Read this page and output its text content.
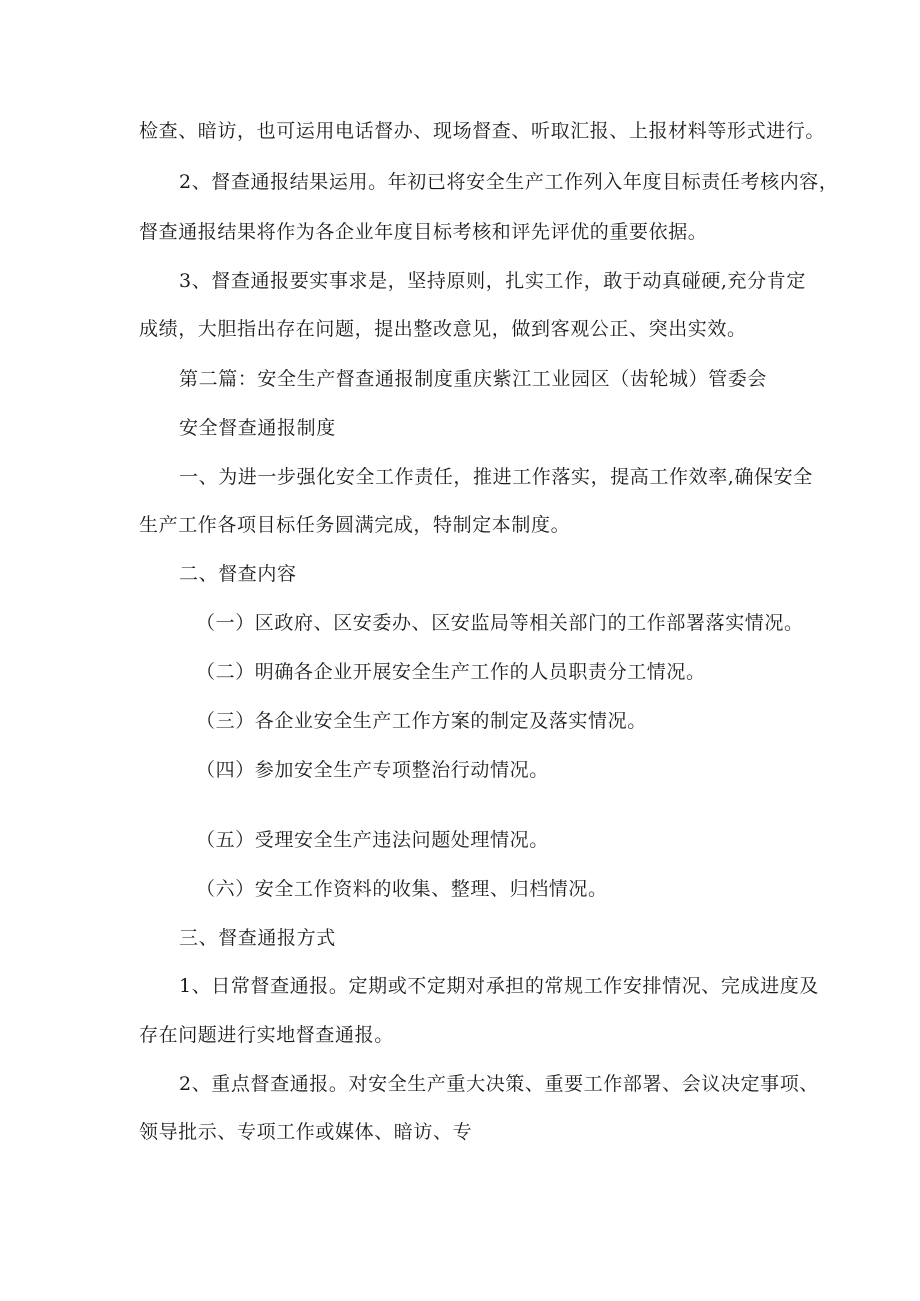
检查、暗访，也可运用电话督办、现场督查、听取汇报、上报材料等形式进行。
2、督查通报结果运用。年初已将安全生产工作列入年度目标责任考核内容，
督查通报结果将作为各企业年度目标考核和评先评优的重要依据。
3、督查通报要实事求是，坚持原则，扎实工作，敢于动真碰硬,充分肯定
成绩，大胆指出存在问题，提出整改意见，做到客观公正、突出实效。
第二篇：安全生产督查通报制度重庆紫江工业园区（齿轮城）管委会
安全督查通报制度
一、为进一步强化安全工作责任，推进工作落实，提高工作效率,确保安全
生产工作各项目标任务圆满完成，特制定本制度。
二、督查内容
（一）区政府、区安委办、区安监局等相关部门的工作部署落实情况。
（二）明确各企业开展安全生产工作的人员职责分工情况。
（三）各企业安全生产工作方案的制定及落实情况。
（四）参加安全生产专项整治行动情况。
（五）受理安全生产违法问题处理情况。
（六）安全工作资料的收集、整理、归档情况。
三、督查通报方式
1、日常督查通报。定期或不定期对承担的常规工作安排情况、完成进度及
存在问题进行实地督查通报。
2、重点督查通报。对安全生产重大决策、重要工作部署、会议决定事项、
领导批示、专项工作或媒体、暗访、专
